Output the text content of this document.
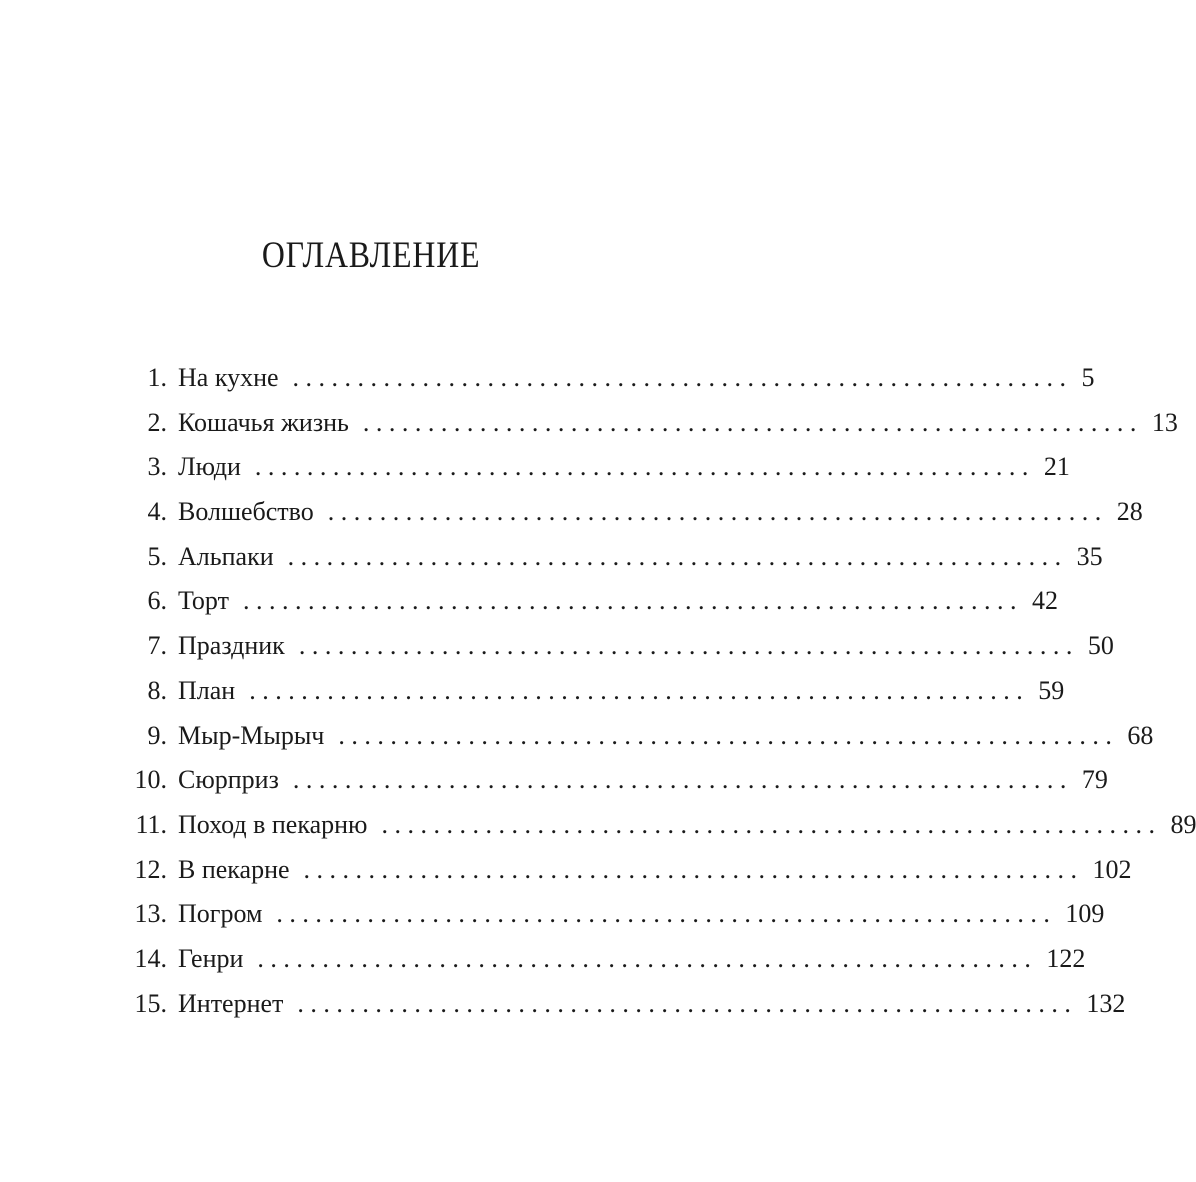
ОГЛАВЛЕНИЕ
1. На кухне ............................................................ 5
2. Кошачья жизнь ............................................................ 13
3. Люди ............................................................ 21
4. Волшебство ............................................................ 28
5. Альпаки ............................................................ 35
6. Торт ............................................................ 42
7. Праздник ............................................................ 50
8. План ............................................................ 59
9. Мыр-Мырыч ............................................................ 68
10. Сюрприз ............................................................ 79
11. Поход в пекарню ............................................................ 89
12. В пекарне ............................................................ 102
13. Погром ............................................................ 109
14. Генри ............................................................ 122
15. Интернет ............................................................ 132
